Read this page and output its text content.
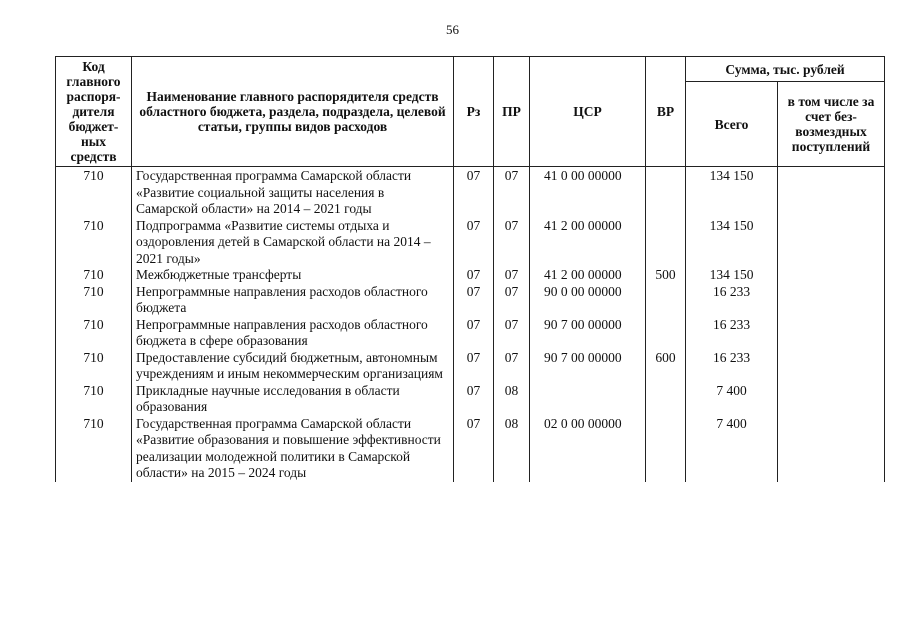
56
Код главного распоря-дителя бюджет-ных средств	Наименование главного распорядителя средств областного бюджета, раздела, подраздела, целевой статьи, группы видов расходов	Рз	ПР	ЦСР	ВР	Сумма, тыс. рублей	
						Всего	в том числе за счет без-возмездных поступлений
710	Государственная программа Самарской области «Развитие социальной защиты населения в Самарской области» на 2014 – 2021 годы	07	07	41 0 00 00000		134 150	
710	Подпрограмма «Развитие системы отдыха и оздоровления детей в Самарской области на 2014 – 2021 годы»	07	07	41 2 00 00000		134 150	
710	Межбюджетные трансферты	07	07	41 2 00 00000	500	134 150	
710	Непрограммные направления расходов областного бюджета	07	07	90 0 00 00000		16 233	
710	Непрограммные направления расходов областного бюджета в сфере образования	07	07	90 7 00 00000		16 233	
710	Предоставление субсидий бюджетным, автономным учреждениям и иным некоммерческим организациям	07	07	90 7 00 00000	600	16 233	
710	Прикладные научные исследования в области образования	07	08			7 400	
710	Государственная программа Самарской области «Развитие образования и повышение эффективности реализации молодежной политики в Самарской области» на 2015 – 2024 годы	07	08	02 0 00 00000		7 400	
